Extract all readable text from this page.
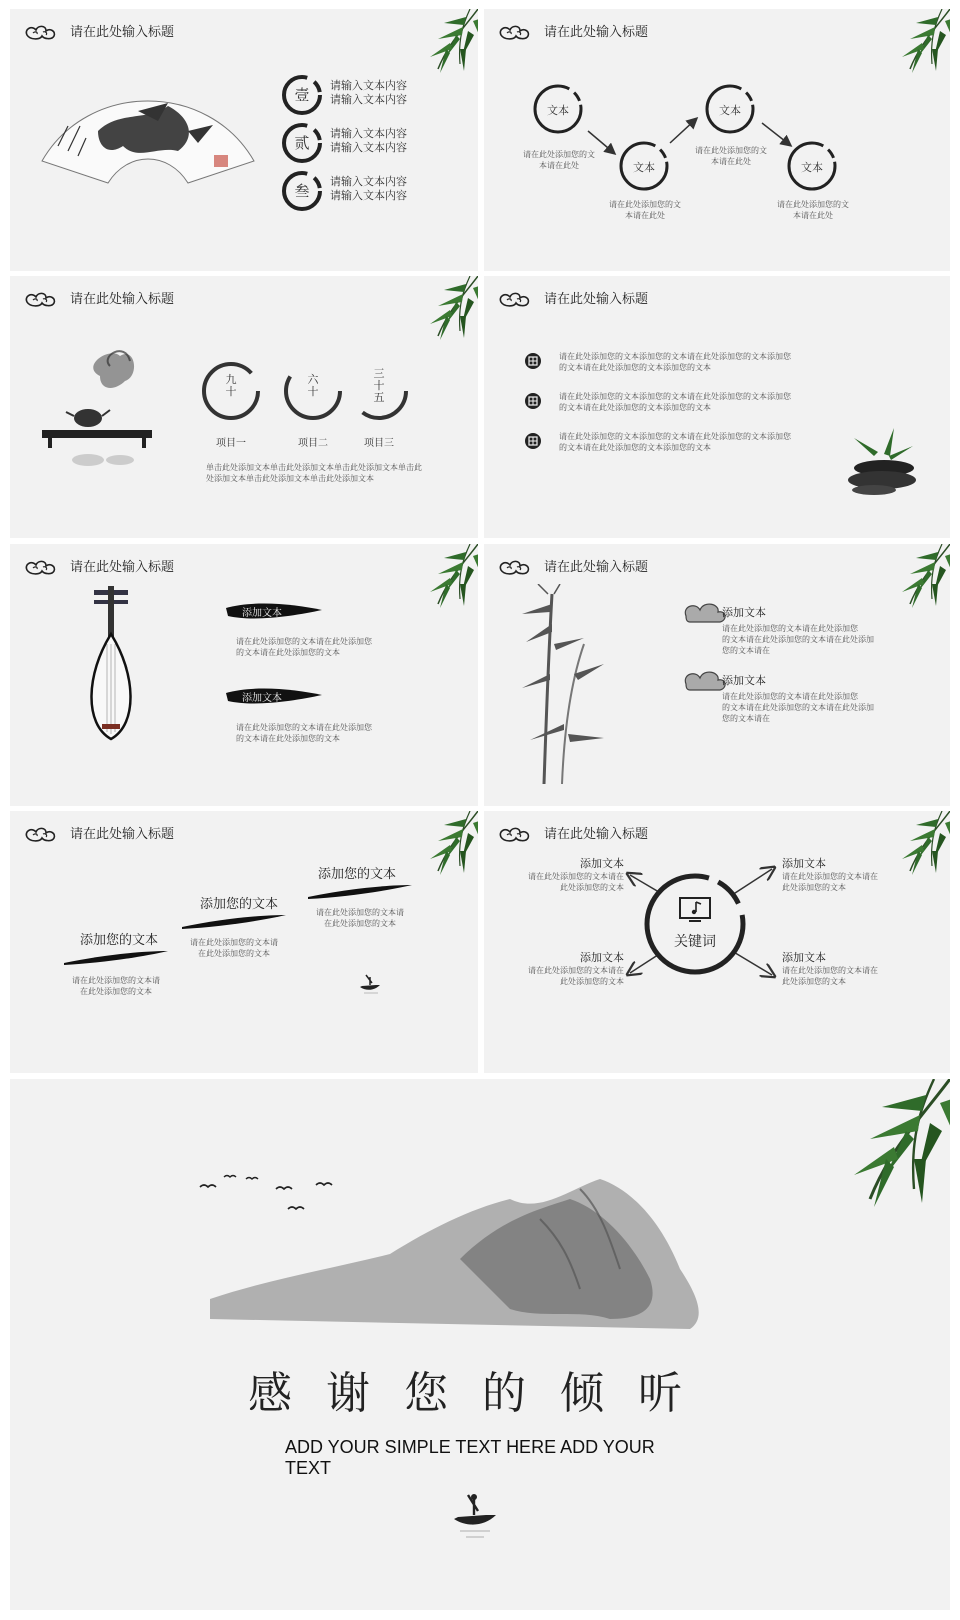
请在此处输入标题
壹
请输入文本内容
请输入文本内容
贰
请输入文本内容
请输入文本内容
叁
请输入文本内容
请输入文本内容
请在此处输入标题
文本
请在此处添加您的文
本请在此处	文本
请在此处添加您的文
本请在此处
文本
请在此处添加您的文
本请在此处	文本
请在此处添加您的文
本请在此处
请在此处输入标题
九
十
项目一
六
十
项目二
三
十
五
项目三
单击此处添加文本单击此处添加文本单击此处添加文本单击此
处添加文本单击此处添加文本单击此处添加文本
请在此处输入标题
请在此处添加您的文本添加您的文本请在此处添加您的文本添加您
的文本请在此处添加您的文本添加您的文本
请在此处添加您的文本添加您的文本请在此处添加您的文本添加您
的文本请在此处添加您的文本添加您的文本
请在此处添加您的文本添加您的文本请在此处添加您的文本添加您
的文本请在此处添加您的文本添加您的文本
请在此处输入标题
添加文本
请在此处添加您的文本请在此处添加您
的文本请在此处添加您的文本
添加文本
请在此处添加您的文本请在此处添加您
的文本请在此处添加您的文本
请在此处输入标题
添加文本
请在此处添加您的文本请在此处添加您
的文本请在此处添加您的文本请在此处添加
您的文本请在
添加文本
请在此处添加您的文本请在此处添加您
的文本请在此处添加您的文本请在此处添加
您的文本请在
请在此处输入标题
添加您的文本
请在此处添加您的文本请
在此处添加您的文本
添加您的文本
请在此处添加您的文本请
在此处添加您的文本
添加您的文本
请在此处添加您的文本请
在此处添加您的文本
请在此处输入标题
关键词
添加文本
请在此处添加您的文本请在
此处添加您的文本
添加文本
请在此处添加您的文本请在
此处添加您的文本
添加文本
请在此处添加您的文本请在
此处添加您的文本
添加文本
请在此处添加您的文本请在
此处添加您的文本
感谢您的倾听
ADD YOUR SIMPLE TEXT HERE ADD YOUR TEXT
